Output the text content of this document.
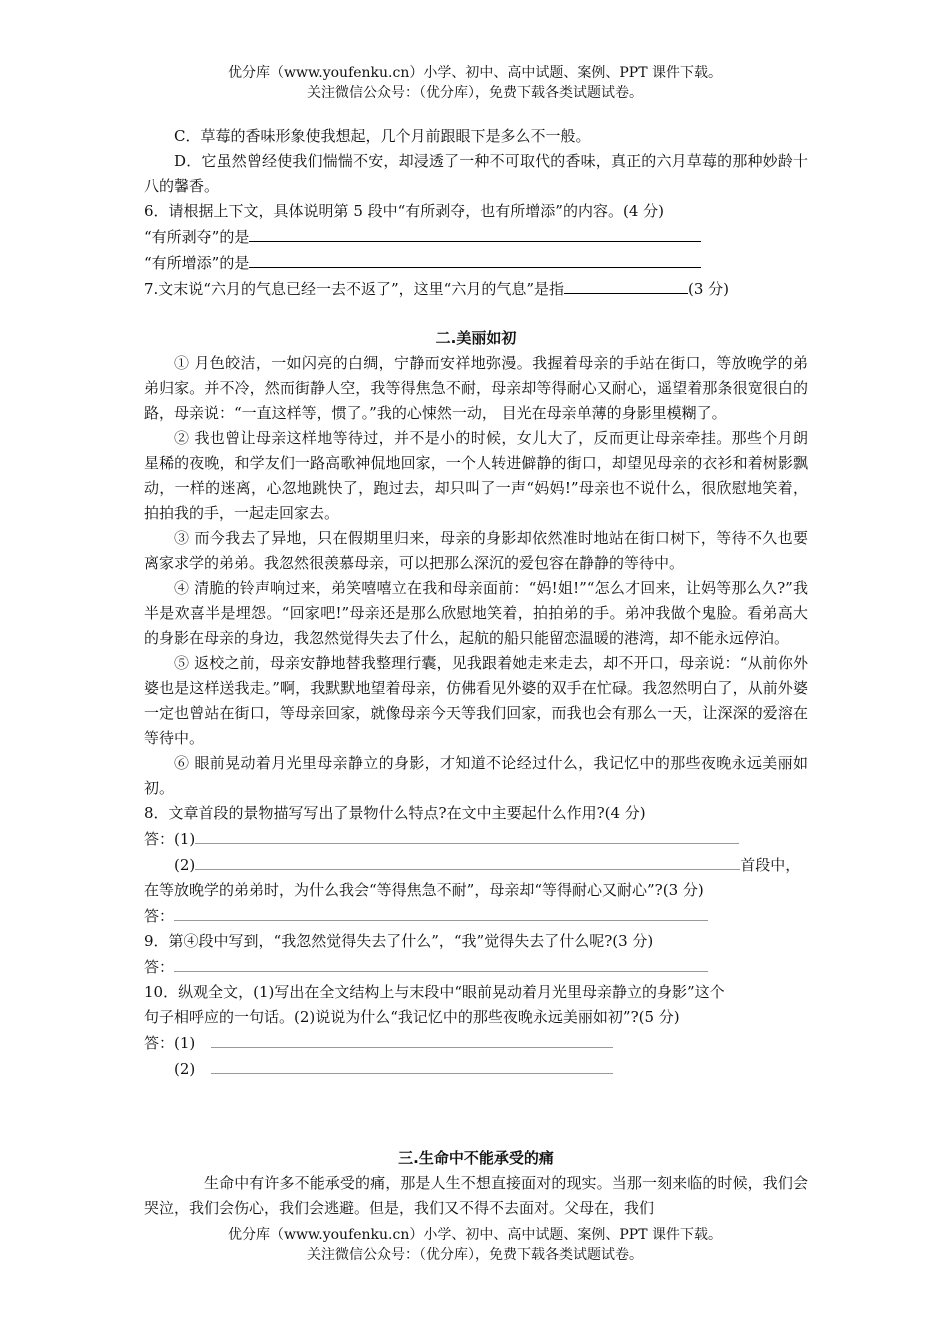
优分库（www.youfenku.cn）小学、初中、高中试题、案例、PPT 课件下载。
关注微信公众号：（优分库），免费下载各类试题试卷。

C．草莓的香味形象使我想起，几个月前跟眼下是多么不一般。

D．它虽然曾经使我们惴惴不安，却浸透了一种不可取代的香味，真正的六月草莓的那种妙龄十八的馨香。

6．请根据上下文，具体说明第 5 段中“有所剥夺，也有所增添”的内容。(4 分)

“有所剥夺”的是

“有所增添”的是

7.文末说“六月的气息已经一去不返了”，这里“六月的气息”是指	(3 分)

二.美丽如初

① 月色皎洁，一如闪亮的白绸，宁静而安祥地弥漫。我握着母亲的手站在街口，等放晚学的弟弟归家。并不冷，然而街静人空，我等得焦急不耐，母亲却等得耐心又耐心，遥望着那条很宽很白的路，母亲说：“一直这样等，惯了。”我的心悚然一动， 目光在母亲单薄的身影里模糊了。

② 我也曾让母亲这样地等待过，并不是小的时候，女儿大了，反而更让母亲牵挂。那些个月朗星稀的夜晚，和学友们一路高歌神侃地回家，一个人转进僻静的街口，却望见母亲的衣衫和着树影飘动，一样的迷离，心忽地跳快了，跑过去，却只叫了一声“妈妈!”母亲也不说什么，很欣慰地笑着，拍拍我的手，一起走回家去。

③ 而今我去了异地，只在假期里归来，母亲的身影却依然准时地站在街口树下，等待不久也要离家求学的弟弟。我忽然很羡慕母亲，可以把那么深沉的爱包容在静静的等待中。

④ 清脆的铃声响过来，弟笑嘻嘻立在我和母亲面前：“妈!姐!”“怎么才回来，让妈等那么久?”我半是欢喜半是埋怨。“回家吧!”母亲还是那么欣慰地笑着，拍拍弟的手。弟冲我做个鬼脸。看弟高大的身影在母亲的身边，我忽然觉得失去了什么，起航的船只能留恋温暖的港湾，却不能永远停泊。

⑤ 返校之前，母亲安静地替我整理行囊，见我跟着她走来走去，却不开口，母亲说：“从前你外婆也是这样送我走。”啊，我默默地望着母亲，仿佛看见外婆的双手在忙碌。我忽然明白了，从前外婆一定也曾站在街口，等母亲回家，就像母亲今天等我们回家，而我也会有那么一天，让深深的爱溶在等待中。

⑥ 眼前晃动着月光里母亲静立的身影，才知道不论经过什么，我记忆中的那些夜晚永远美丽如初。

8．文章首段的景物描写写出了景物什么特点?在文中主要起什么作用?(4 分)

答：(1)

(2)	首段中，

在等放晚学的弟弟时，为什么我会“等得焦急不耐”，母亲却“等得耐心又耐心”?(3 分)

答：

9．第④段中写到，“我忽然觉得失去了什么”，“我”觉得失去了什么呢?(3 分)

答：

10．纵观全文，(1)写出在全文结构上与末段中“眼前晃动着月光里母亲静立的身影”这个

句子相呼应的一句话。(2)说说为什么“我记忆中的那些夜晚永远美丽如初”?(5 分)

答：(1)

(2)

三.生命中不能承受的痛

生命中有许多不能承受的痛，那是人生不想直接面对的现实。当那一刻来临的时候，我们会哭泣，我们会伤心，我们会逃避。但是，我们又不得不去面对。父母在，我们

优分库（www.youfenku.cn）小学、初中、高中试题、案例、PPT 课件下载。
关注微信公众号：（优分库），免费下载各类试题试卷。
